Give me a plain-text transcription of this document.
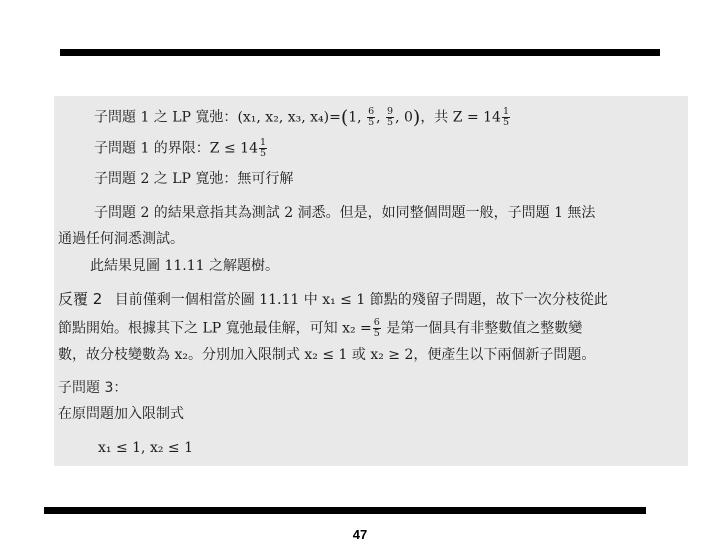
子問題 1 之 LP 寬弛：(x₁, x₂, x₃, x₄)=(1, $\frac{6}{5}$ , $\frac{9}{5}$ , 0)，共 $Z = 14 \frac{1}{5}$
子問題 1 的界限：$Z \le 14 \frac{1}{5}$
子問題 2 之 LP 寬弛：無可行解
子問題 2 的結果意指其為測試 2 洞悉。但是，如同整個問題一般，子問題 1 無法
通過任何洞悉測試。
此結果見圖 11.11 之解題樹。
反覆 2 目前僅剩一個相當於圖 11.11 中 x₁ ≤ 1 節點的殘留子問題，故下一次分枝從此
節點開始。根據其下之 LP 寬弛最佳解，可知 $x_2 = \frac{6}{5}$ 是第一個具有非整數值之整數變
數，故分枝變數為 x₂。分別加入限制式 x₂ ≤ 1 或 x₂ ≥ 2，便產生以下兩個新子問題。
子問題 3：
在原問題加入限制式
x₁ ≤ 1, x₂ ≤ 1
47
